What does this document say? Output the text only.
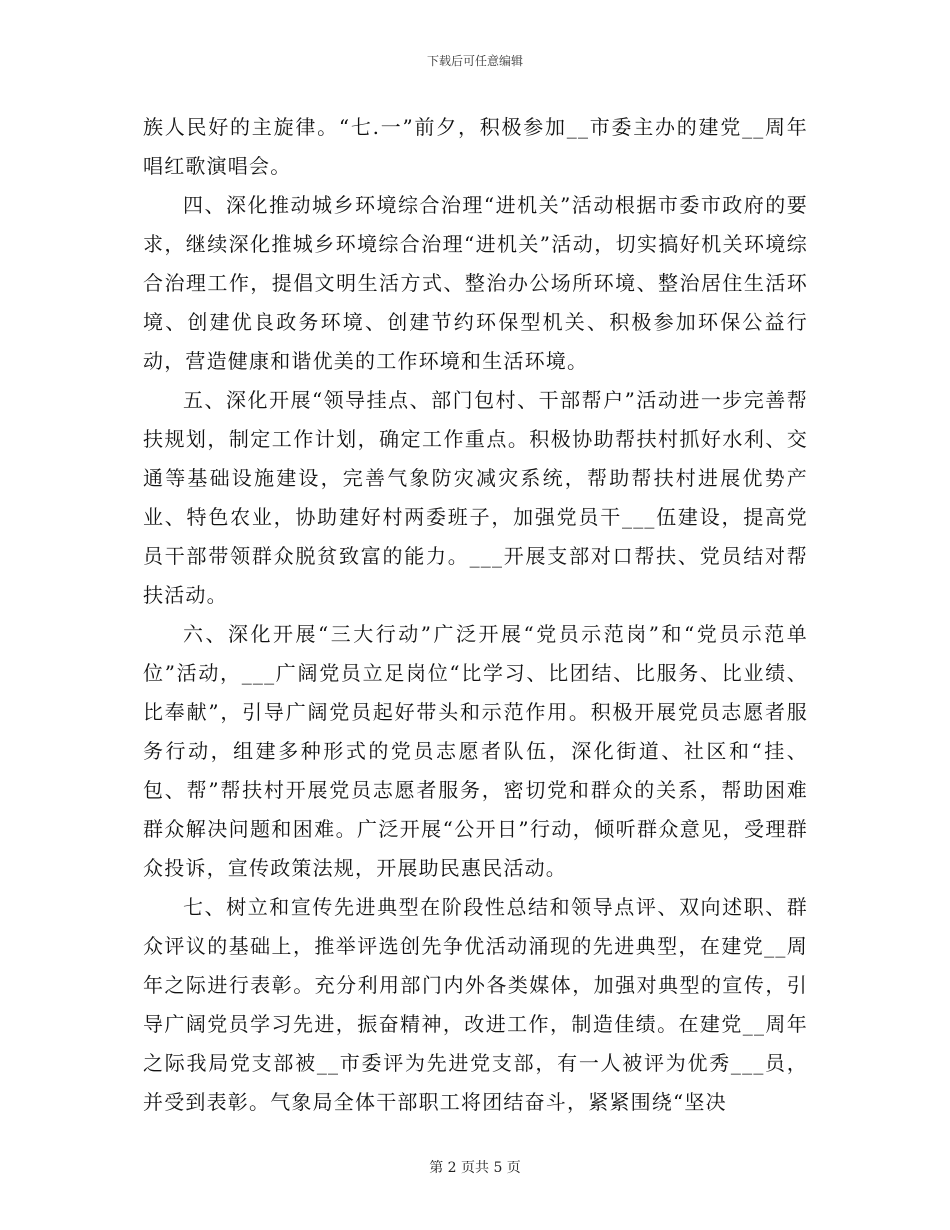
下载后可任意编辑

族人民好的主旋律。“七.一”前夕，积极参加__市委主办的建党__周年唱红歌演唱会。

四、深化推动城乡环境综合治理“进机关”活动根据市委市政府的要求，继续深化推城乡环境综合治理“进机关”活动，切实搞好机关环境综合治理工作，提倡文明生活方式、整治办公场所环境、整治居住生活环境、创建优良政务环境、创建节约环保型机关、积极参加环保公益行动，营造健康和谐优美的工作环境和生活环境。

五、深化开展“领导挂点、部门包村、干部帮户”活动进一步完善帮扶规划，制定工作计划，确定工作重点。积极协助帮扶村抓好水利、交通等基础设施建设，完善气象防灾减灾系统，帮助帮扶村进展优势产业、特色农业，协助建好村两委班子，加强党员干___伍建设，提高党员干部带领群众脱贫致富的能力。___开展支部对口帮扶、党员结对帮扶活动。

六、深化开展“三大行动”广泛开展“党员示范岗”和“党员示范单位”活动，___广阔党员立足岗位“比学习、比团结、比服务、比业绩、比奉献”，引导广阔党员起好带头和示范作用。积极开展党员志愿者服务行动，组建多种形式的党员志愿者队伍，深化街道、社区和“挂、包、帮”帮扶村开展党员志愿者服务，密切党和群众的关系，帮助困难群众解决问题和困难。广泛开展“公开日”行动，倾听群众意见，受理群众投诉，宣传政策法规，开展助民惠民活动。

七、树立和宣传先进典型在阶段性总结和领导点评、双向述职、群众评议的基础上，推举评选创先争优活动涌现的先进典型，在建党__周年之际进行表彰。充分利用部门内外各类媒体，加强对典型的宣传，引导广阔党员学习先进，振奋精神，改进工作，制造佳绩。在建党__周年之际我局党支部被__市委评为先进党支部，有一人被评为优秀___员，并受到表彰。气象局全体干部职工将团结奋斗，紧紧围绕“坚决

第 2 页共 5 页
